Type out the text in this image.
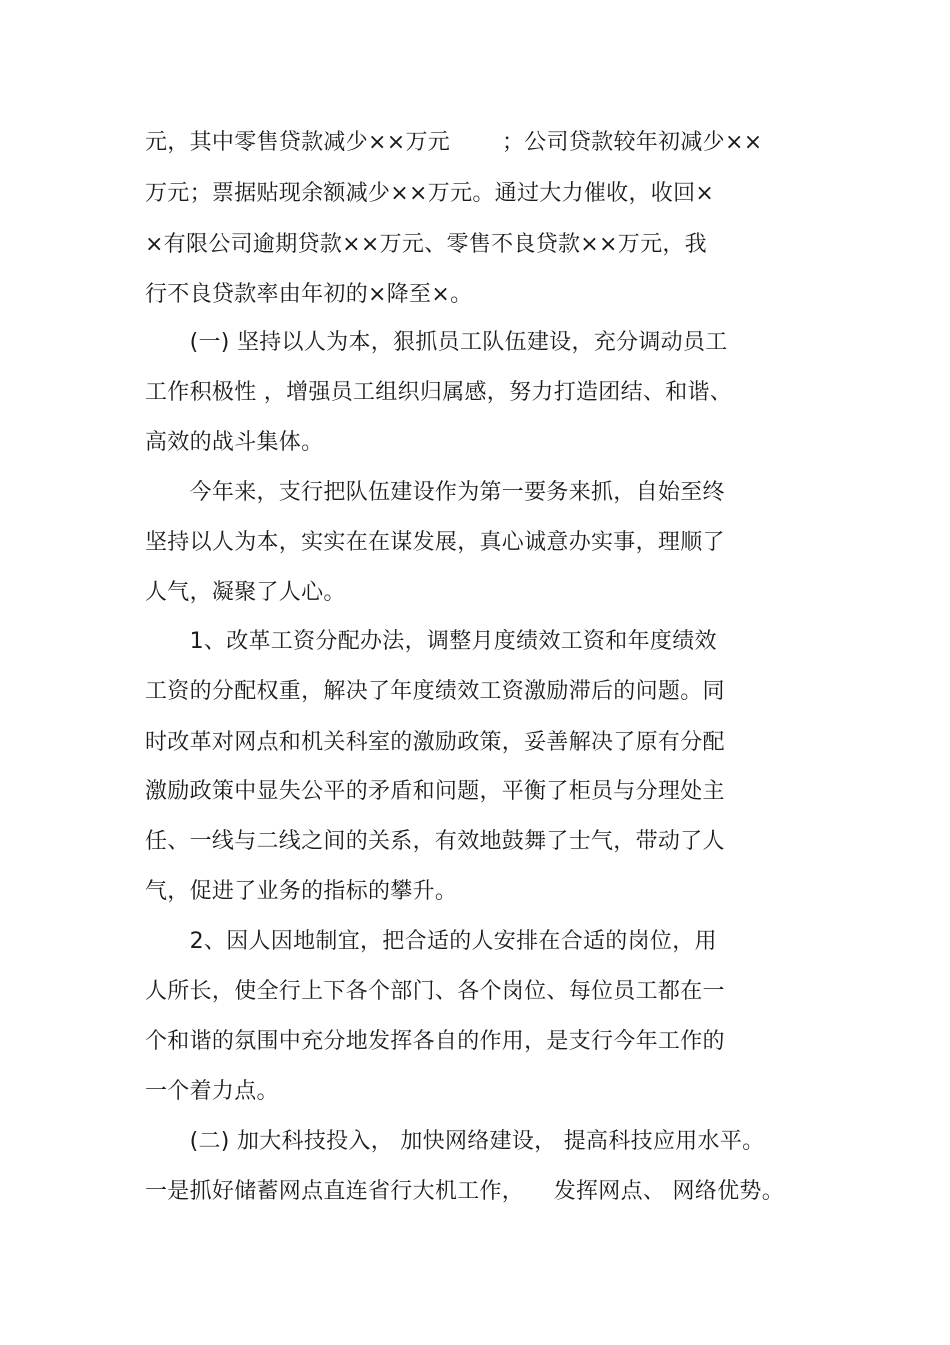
元，其中零售贷款减少××万元 　　；公司贷款较年初减少××
万元；票据贴现余额减少××万元。通过大力催收，收回×
×有限公司逾期贷款××万元、零售不良贷款××万元，我
行不良贷款率由年初的×降至×。
　　(一) 坚持以人为本，狠抓员工队伍建设，充分调动员工
工作积极性 ，增强员工组织归属感，努力打造团结、和谐、
高效的战斗集体。
　　今年来，支行把队伍建设作为第一要务来抓，自始至终
坚持以人为本，实实在在谋发展，真心诚意办实事，理顺了
人气，凝聚了人心。
　　1、改革工资分配办法，调整月度绩效工资和年度绩效
工资的分配权重，解决了年度绩效工资激励滞后的问题。同
时改革对网点和机关科室的激励政策，妥善解决了原有分配
激励政策中显失公平的矛盾和问题，平衡了柜员与分理处主
任、一线与二线之间的关系，有效地鼓舞了士气，带动了人
气，促进了业务的指标的攀升。
　　2、因人因地制宜，把合适的人安排在合适的岗位，用
人所长，使全行上下各个部门、各个岗位、每位员工都在一
个和谐的氛围中充分地发挥各自的作用，是支行今年工作的
一个着力点。
　　(二) 加大科技投入， 加快网络建设， 提高科技应用水平。
一是抓好储蓄网点直连省行大机工作， 　发挥网点、 网络优势。
